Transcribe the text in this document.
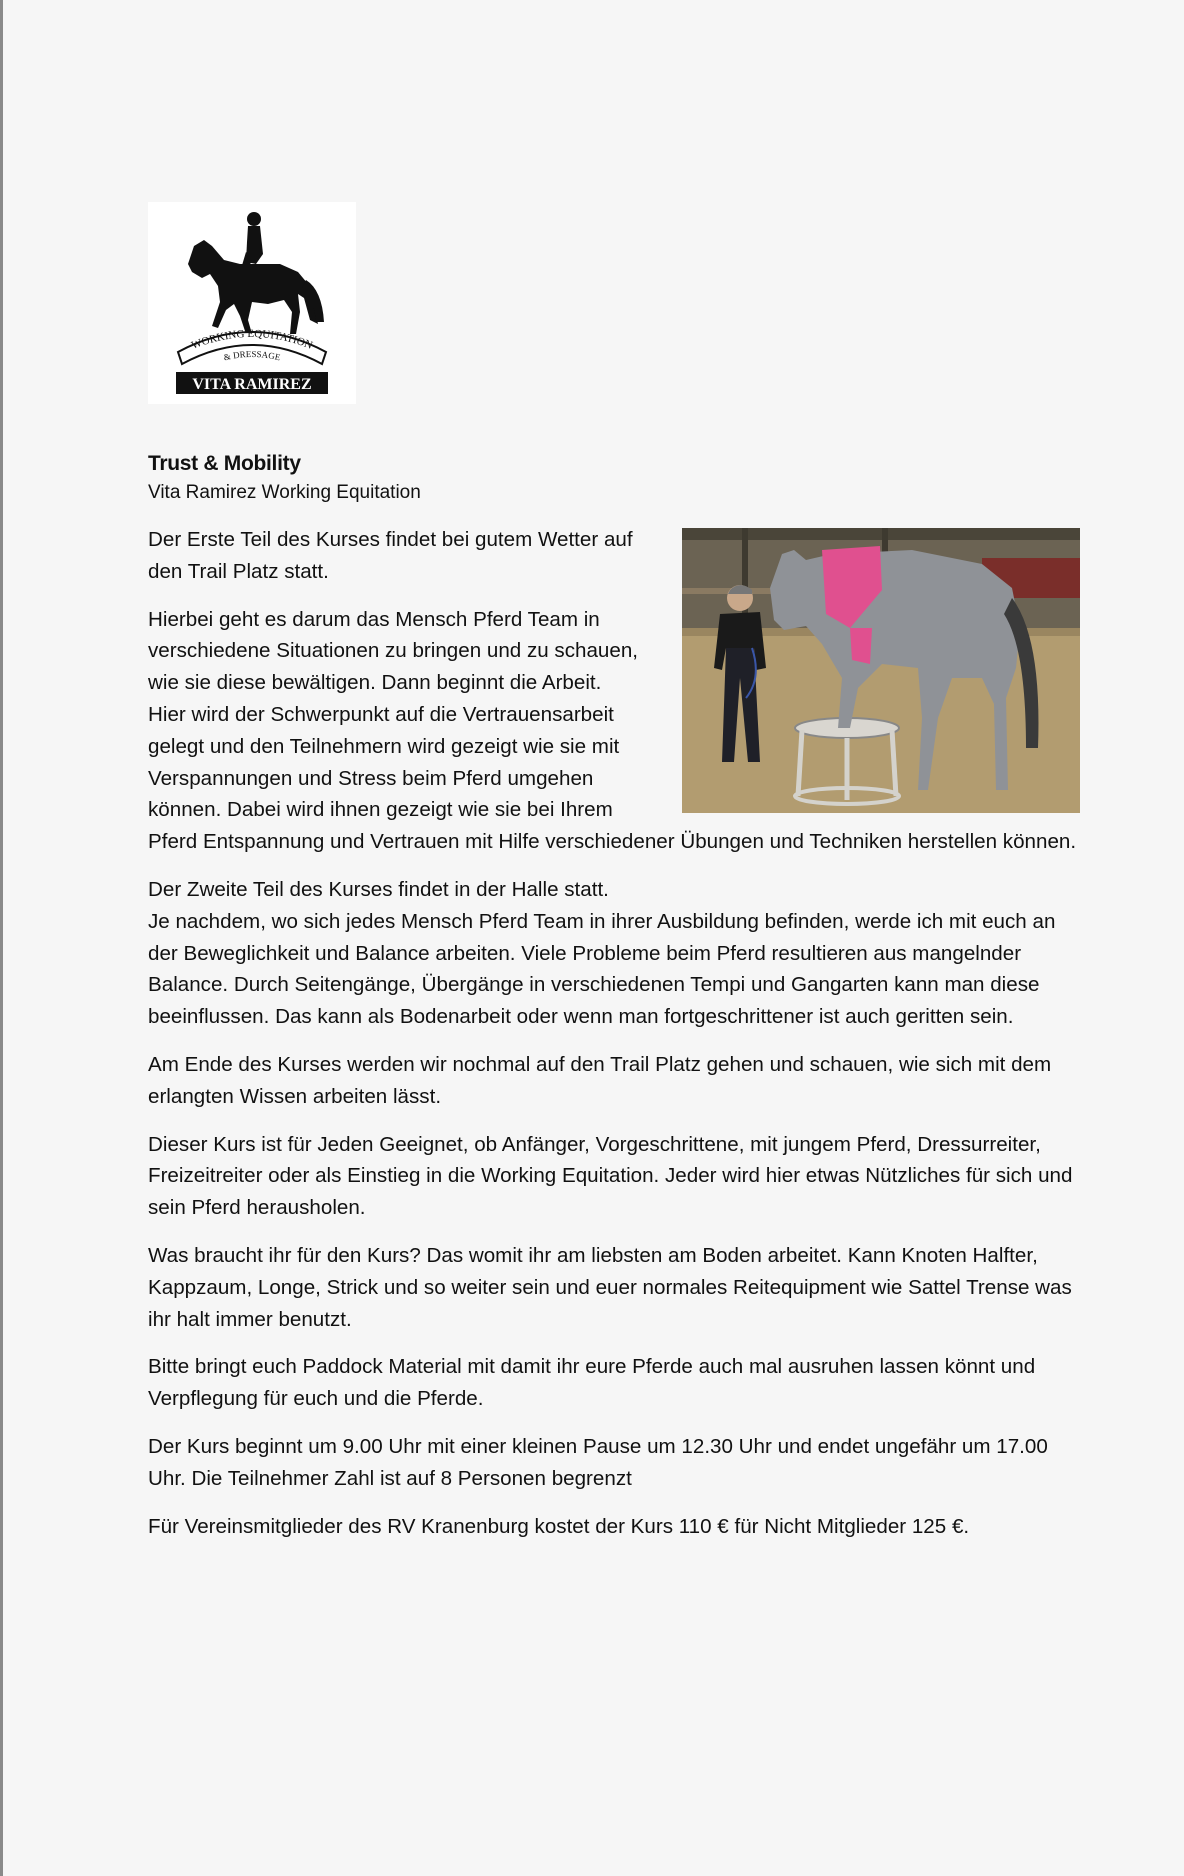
WORKING EQUITATION
& DRESSAGE
VITA RAMIREZ
Trust & Mobility
Vita Ramirez Working Equitation

Der Erste Teil des Kurses findet bei gutem Wetter auf den Trail Platz statt.

Hierbei geht es darum das Mensch Pferd Team in verschiedene Situationen zu bringen und zu schauen, wie sie diese bewältigen. Dann beginnt die Arbeit.
Hier wird der Schwerpunkt auf die Vertrauensarbeit gelegt und den Teilnehmern wird gezeigt wie sie mit Verspannungen und Stress beim Pferd umgehen können. Dabei wird ihnen gezeigt wie sie bei Ihrem Pferd Entspannung und Vertrauen mit Hilfe verschiedener Übungen und Techniken herstellen können.

Der Zweite Teil des Kurses findet in der Halle statt.
Je nachdem, wo sich jedes Mensch Pferd Team in ihrer Ausbildung befinden, werde ich mit euch an der Beweglichkeit und Balance arbeiten. Viele Probleme beim Pferd resultieren aus mangelnder Balance. Durch Seitengänge, Übergänge in verschiedenen Tempi und Gangarten kann man diese beeinflussen. Das kann als Bodenarbeit oder wenn man fortgeschrittener ist auch geritten sein.

Am Ende des Kurses werden wir nochmal auf den Trail Platz gehen und schauen, wie sich mit dem erlangten Wissen arbeiten lässt.

Dieser Kurs ist für Jeden Geeignet, ob Anfänger, Vorgeschrittene, mit jungem Pferd, Dressurreiter, Freizeitreiter oder als Einstieg in die Working Equitation. Jeder wird hier etwas Nützliches für sich und sein Pferd herausholen.

Was braucht ihr für den Kurs? Das womit ihr am liebsten am Boden arbeitet. Kann Knoten Halfter, Kappzaum, Longe, Strick und so weiter sein und euer normales Reitequipment wie Sattel Trense was ihr halt immer benutzt.

Bitte bringt euch Paddock Material mit damit ihr eure Pferde auch mal ausruhen lassen könnt und Verpflegung für euch und die Pferde.

Der Kurs beginnt um 9.00 Uhr mit einer kleinen Pause um 12.30 Uhr und endet ungefähr um 17.00 Uhr. Die Teilnehmer Zahl ist auf 8 Personen begrenzt

Für Vereinsmitglieder des RV Kranenburg kostet der Kurs 110 € für Nicht Mitglieder 125 €.
